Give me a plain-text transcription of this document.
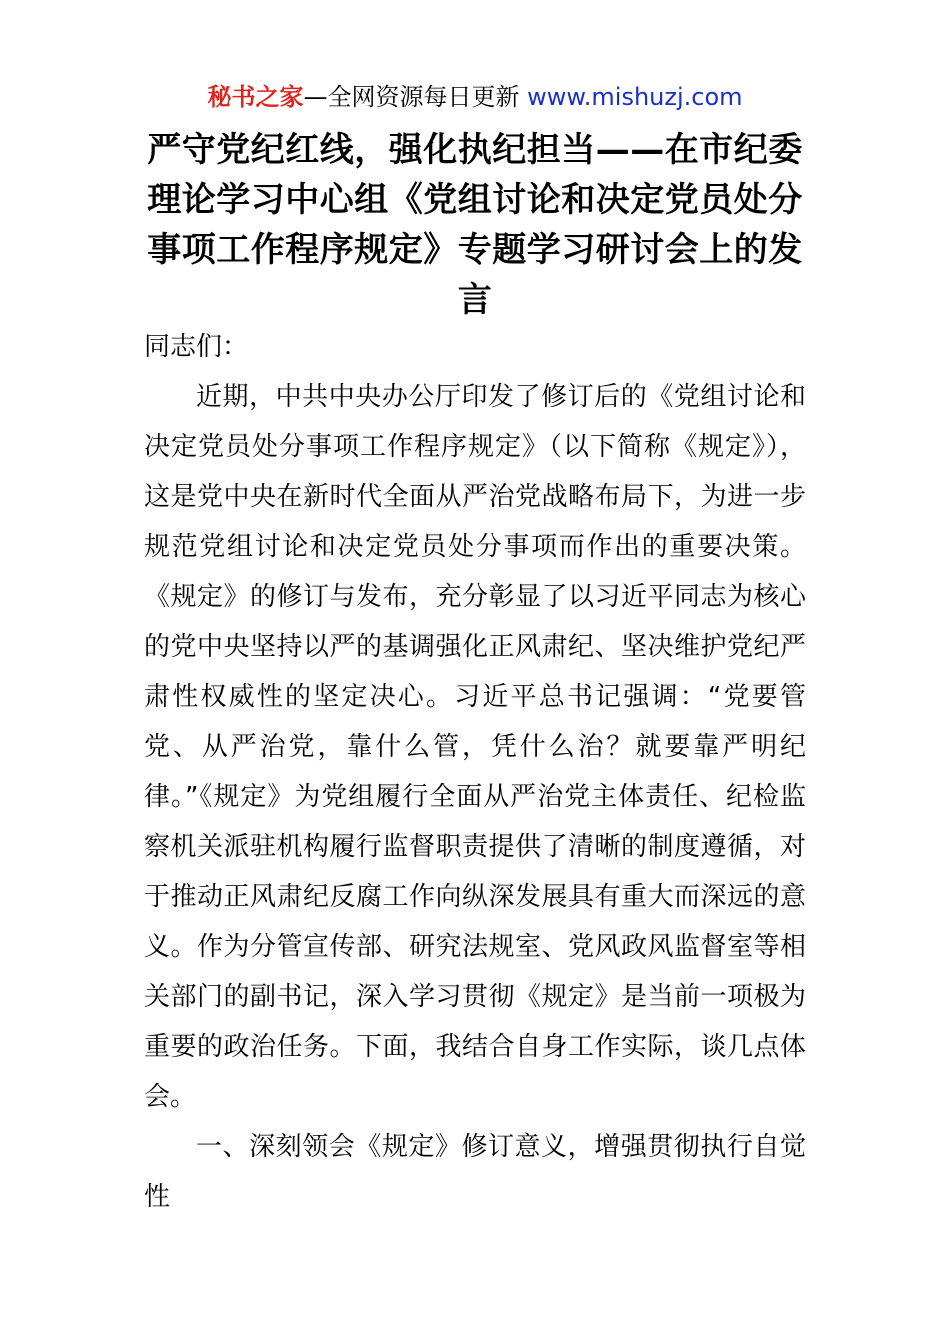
秘书之家—全网资源每日更新 www.mishuzj.com
严守党纪红线，强化执纪担当——在市纪委理论学习中心组《党组讨论和决定党员处分事项工作程序规定》专题学习研讨会上的发言

同志们：

近期，中共中央办公厅印发了修订后的《党组讨论和决定党员处分事项工作程序规定》（以下简称《规定》），这是党中央在新时代全面从严治党战略布局下，为进一步规范党组讨论和决定党员处分事项而作出的重要决策。《规定》的修订与发布，充分彰显了以习近平同志为核心的党中央坚持以严的基调强化正风肃纪、坚决维护党纪严肃性权威性的坚定决心。习近平总书记强调：“党要管党、从严治党，靠什么管，凭什么治？就要靠严明纪律。”《规定》为党组履行全面从严治党主体责任、纪检监察机关派驻机构履行监督职责提供了清晰的制度遵循，对于推动正风肃纪反腐工作向纵深发展具有重大而深远的意义。作为分管宣传部、研究法规室、党风政风监督室等相关部门的副书记，深入学习贯彻《规定》是当前一项极为重要的政治任务。下面，我结合自身工作实际，谈几点体会。

一、深刻领会《规定》修订意义，增强贯彻执行自觉性
